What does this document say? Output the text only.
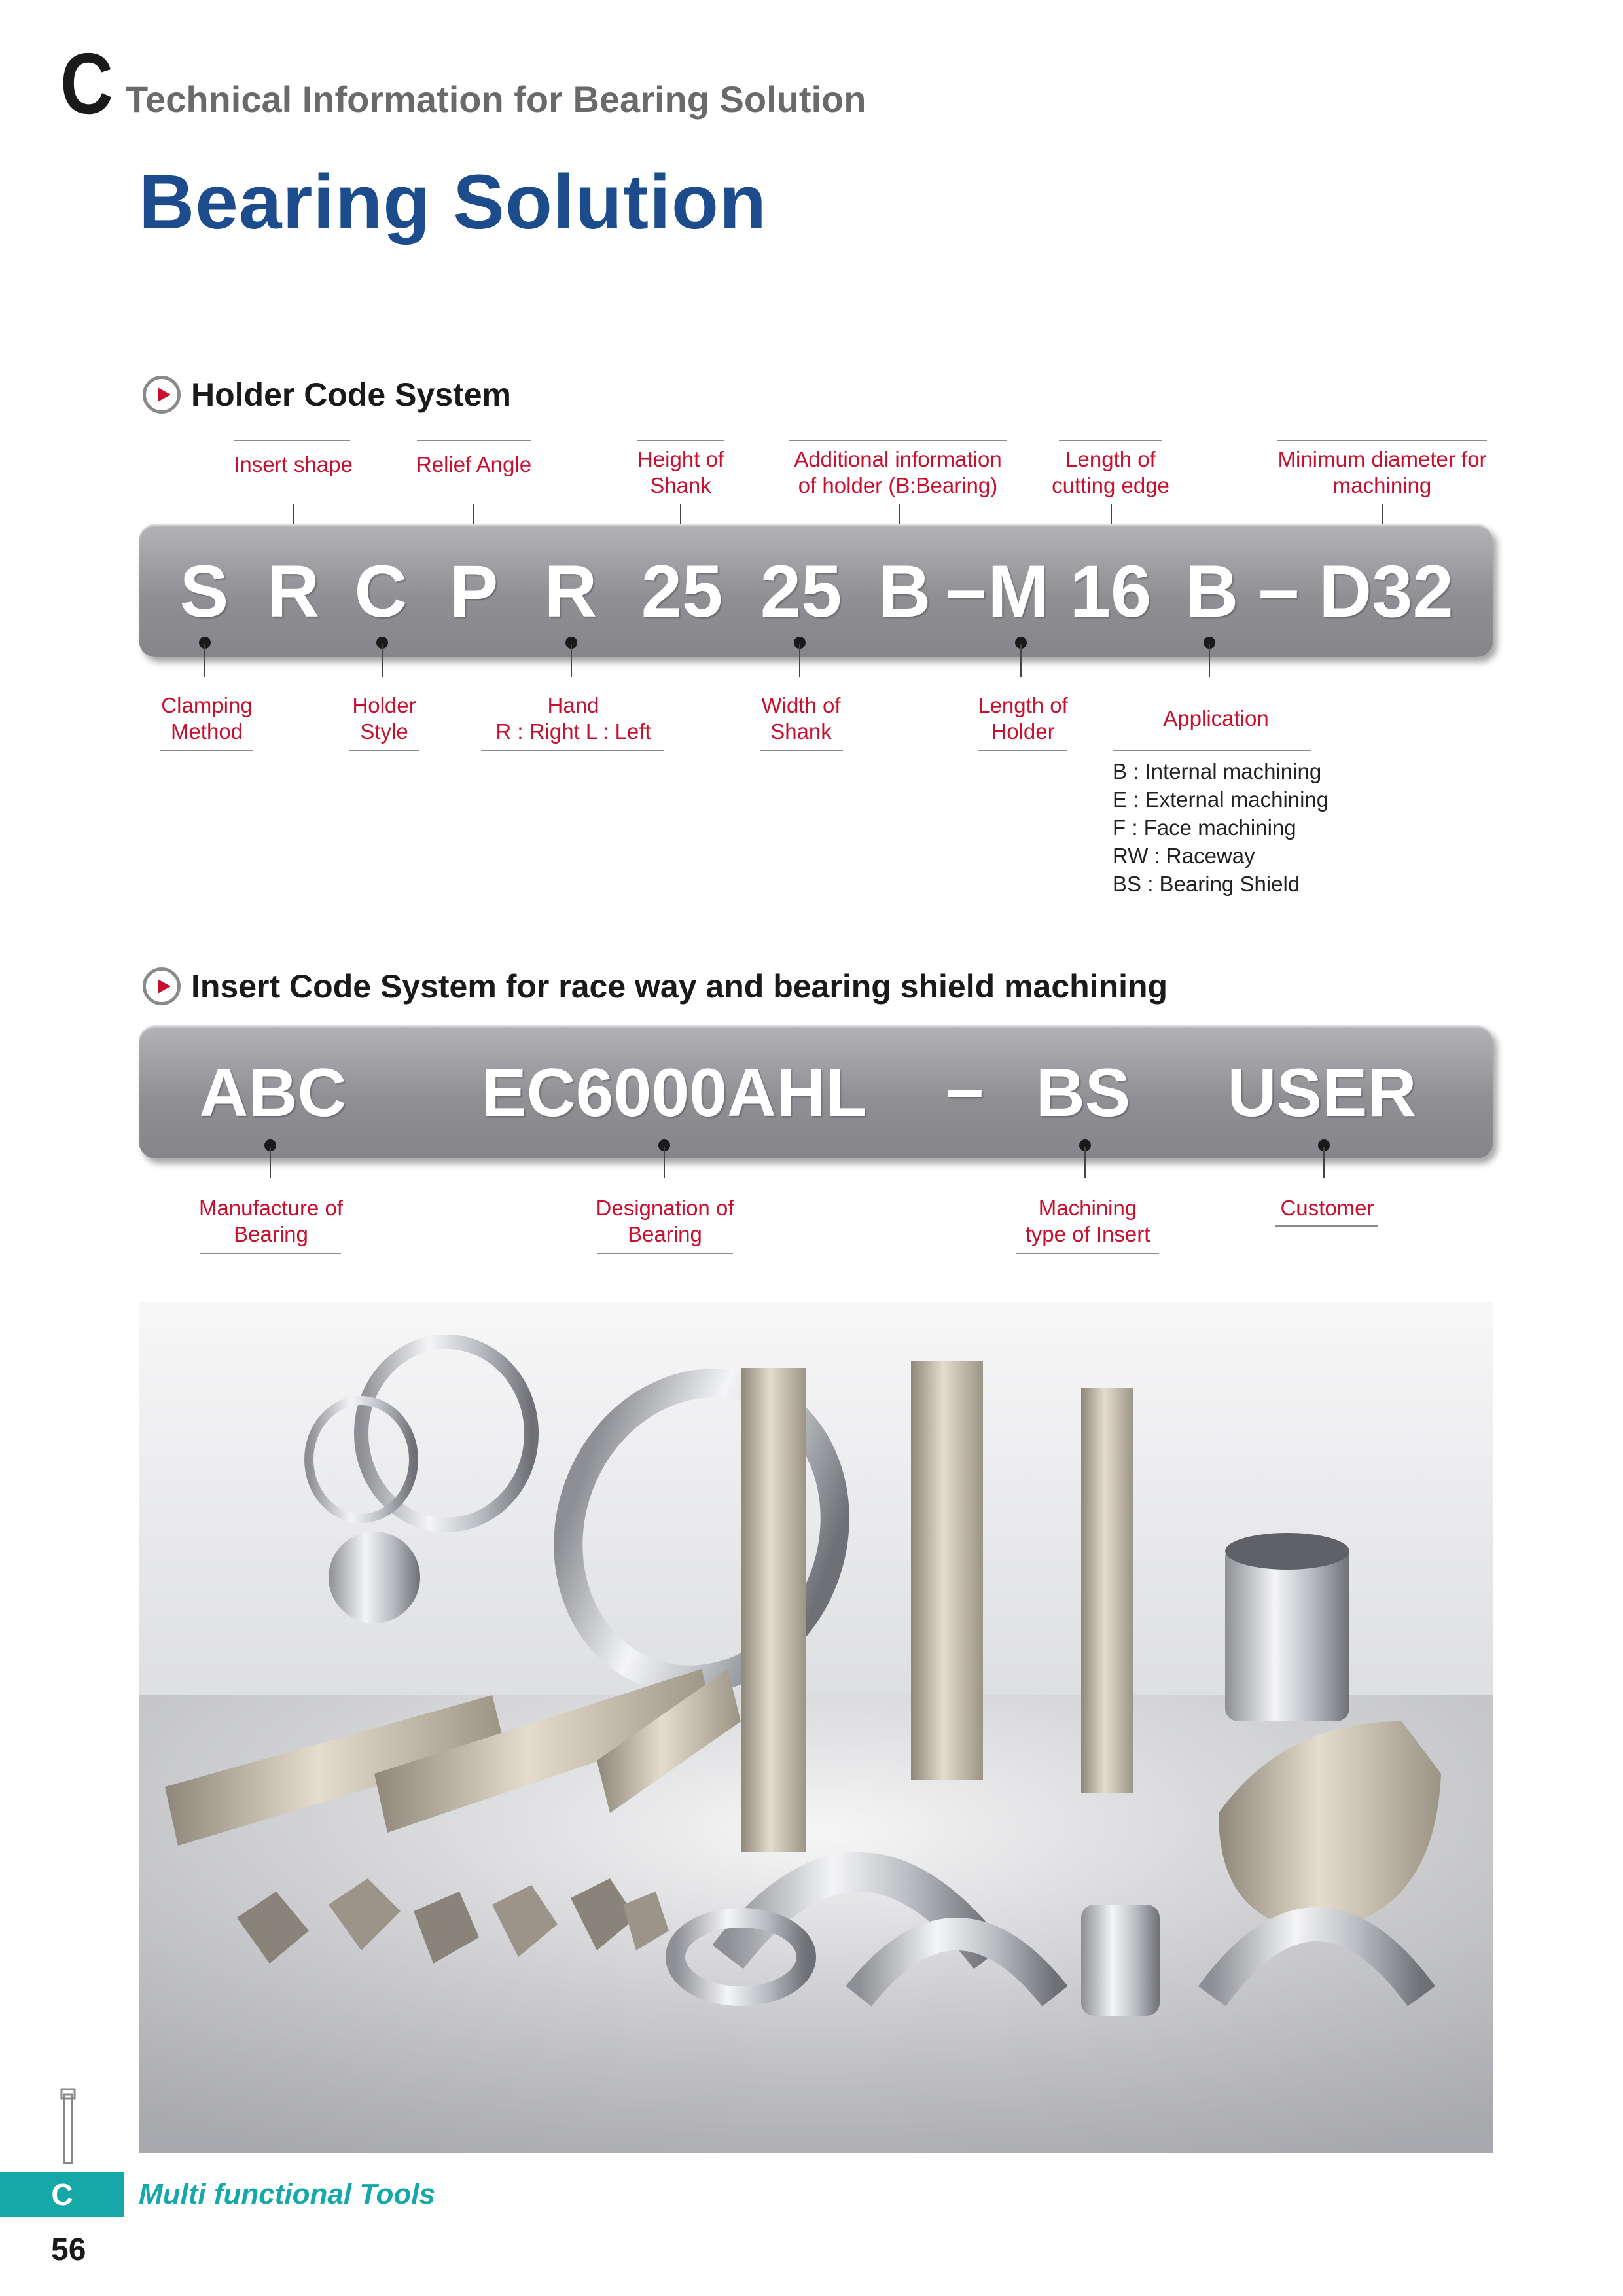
C Technical Information for Bearing Solution
Bearing Solution
Holder Code System
Insert shape	Relief Angle	Height of
Shank
Additional information
of holder (B:Bearing)
Length of
cutting edge
Minimum diameter for
machining
S R C P R 25 25 B – M 16 B – D32
Clamping
Method
Holder
Style
Hand
R : Right L : Left
Width of
Shank
Length of
Holder
Application
B : Internal machining
E : External machining
F : Face machining
RW : Raceway
BS : Bearing Shield
Insert Code System for race way and bearing shield machining
ABC EC6000AHL – BS USER
Manufacture of
Bearing
Designation of
Bearing
Machining
type of Insert
Customer
C	Multi functional Tools
56
